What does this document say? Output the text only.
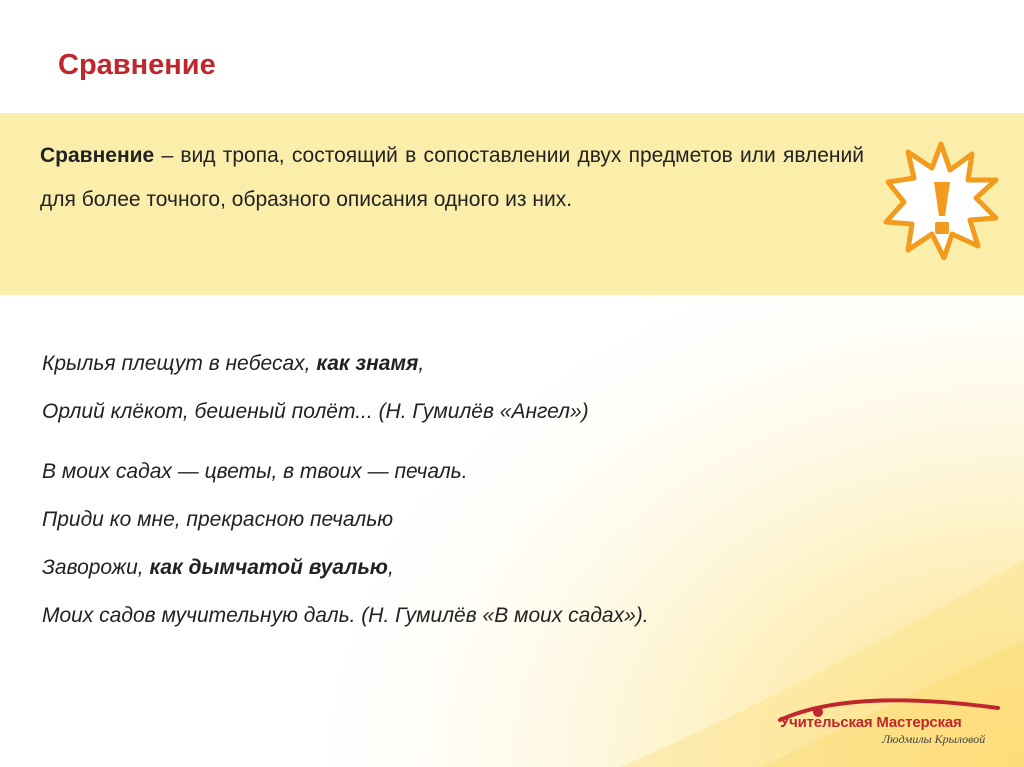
Сравнение

Сравнение – вид тропа, состоящий в сопоставлении двух предметов или явлений для более точного, образного описания одного из них.

Крылья плещут в небесах, как знамя,
Орлий клёкот, бешеный полёт... (Н. Гумилёв «Ангел»)
В моих садах — цветы, в твоих — печаль.
Приди ко мне, прекрасною печалью
Заворожи, как дымчатой вуалью,
Моих садов мучительную даль. (Н. Гумилёв «В моих садах»).
Учительская Мастерская
Людмилы Крыловой
